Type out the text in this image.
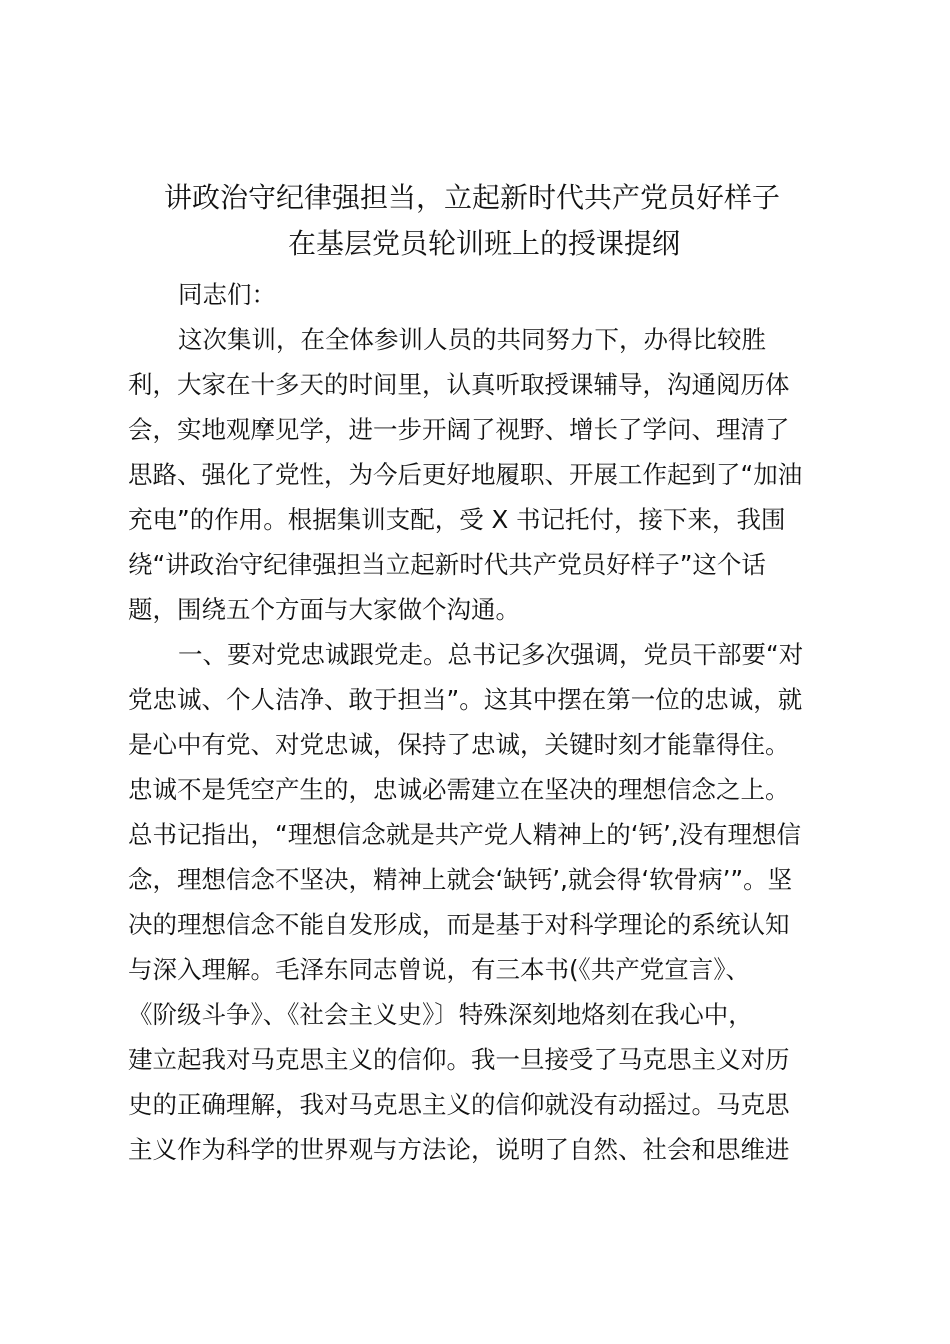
讲政治守纪律强担当，立起新时代共产党员好样子
在基层党员轮训班上的授课提纲
同志们：
这次集训，在全体参训人员的共同努力下，办得比较胜
利，大家在十多天的时间里，认真听取授课辅导，沟通阅历体
会，实地观摩见学，进一步开阔了视野、增长了学问、理清了
思路、强化了党性，为今后更好地履职、开展工作起到了“加油
充电”的作用。根据集训支配，受 X 书记托付，接下来，我围
绕“讲政治守纪律强担当立起新时代共产党员好样子”这个话
题，围绕五个方面与大家做个沟通。
一、要对党忠诚跟党走。总书记多次强调，党员干部要“对
党忠诚、个人洁净、敢于担当”。这其中摆在第一位的忠诚，就
是心中有党、对党忠诚，保持了忠诚，关键时刻才能靠得住。
忠诚不是凭空产生的，忠诚必需建立在坚决的理想信念之上。
总书记指出，“理想信念就是共产党人精神上的‘钙’,没有理想信
念，理想信念不坚决，精神上就会‘缺钙’,就会得‘软骨病’”。坚
决的理想信念不能自发形成，而是基于对科学理论的系统认知
与深入理解。毛泽东同志曾说，有三本书(《共产党宣言》、
《阶级斗争》、《社会主义史》〕特殊深刻地烙刻在我心中，
建立起我对马克思主义的信仰。我一旦接受了马克思主义对历
史的正确理解，我对马克思主义的信仰就没有动摇过。马克思
主义作为科学的世界观与方法论，说明了自然、社会和思维进
